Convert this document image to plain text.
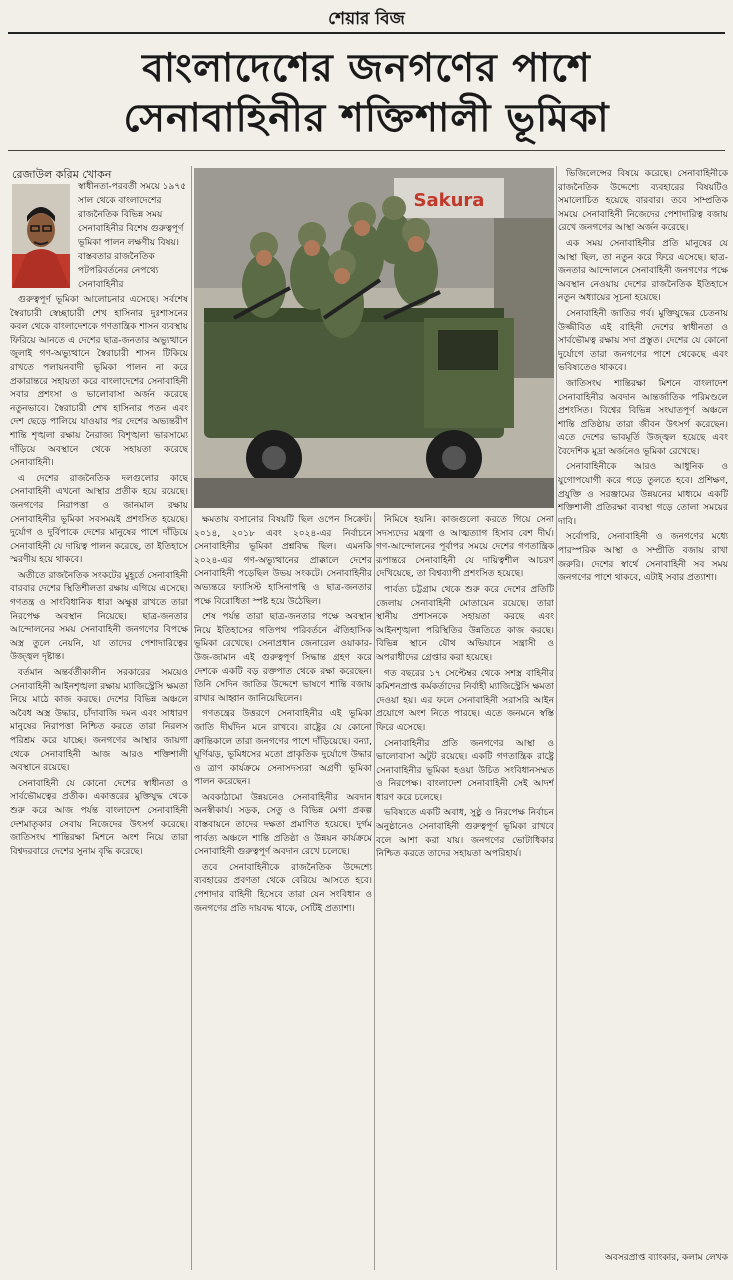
শেয়ার বিজ
বাংলাদেশের জনগণের পাশে
সেনাবাহিনীর শক্তিশালী ভূমিকা
রেজাউল করিম খোকন

স্বাধীনতা-পরবর্তী সময়ে ১৯৭৫ সাল থেকে বাংলাদেশের রাজনৈতিক বিভিন্ন সময় সেনাবাহিনীর বিশেষ গুরুত্বপূর্ণ ভূমিকা পালন লক্ষণীয় বিষয়। বাস্তবতার রাজনৈতিক পটপরিবর্তনের নেপথ্যে সেনাবাহিনীর

গুরুত্বপূর্ণ ভূমিকা আলোচনার এসেছে। সর্বশেষ স্বৈরাচারী স্বেচ্ছাচারী শেখ হাসিনার দুঃশাসনের কবল থেকে বাংলাদেশকে গণতান্ত্রিক শাসন ব্যবস্থায় ফিরিয়ে আনতে এ দেশের ছাত্র-জনতার অভ্যুত্থানে জুলাই গণ-অভ্যুত্থানে স্বৈরাচারী শাসন টিকিয়ে রাখতে পলায়নবাদী ভূমিকা পালন না করে প্রকারান্তরে সহায়তা করে বাংলাদেশের সেনাবাহিনী সবার প্রশংসা ও ভালোবাসা অর্জন করেছে নতুনভাবে। স্বৈরাচারী শেখ হাসিনার পতন এবং দেশ ছেড়ে পালিয়ে যাওয়ার পর দেশের অভ্যন্তরীণ শান্তি শৃঙ্খলা রক্ষায় নৈরাজ্য বিশৃঙ্খলা ভারসাম্যে দাঁড়িয়ে অবস্থানে থেকে সহায়তা করেছে সেনাবাহিনী।

এ দেশের রাজনৈতিক দলগুলোর কাছে সেনাবাহিনী এখনো আস্থার প্রতীক হয়ে রয়েছে। জনগণের নিরাপত্তা ও জানমাল রক্ষায় সেনাবাহিনীর ভূমিকা সবসময়ই প্রশংসিত হয়েছে। দুর্যোগ ও দুর্বিপাকে দেশের মানুষের পাশে দাঁড়িয়ে সেনাবাহিনী যে দায়িত্ব পালন করেছে, তা ইতিহাসে স্মরণীয় হয়ে থাকবে।

অতীতে রাজনৈতিক সংকটের মুহূর্তে সেনাবাহিনী বারবার দেশের স্থিতিশীলতা রক্ষায় এগিয়ে এসেছে। গণতন্ত্র ও সাংবিধানিক ধারা অক্ষুণ্ণ রাখতে তারা নিরপেক্ষ অবস্থান নিয়েছে। ছাত্র-জনতার আন্দোলনের সময় সেনাবাহিনী জনগণের বিপক্ষে অস্ত্র তুলে নেয়নি, যা তাদের পেশাদারিত্বের উজ্জ্বল দৃষ্টান্ত।

বর্তমান অন্তর্বর্তীকালীন সরকারের সময়েও সেনাবাহিনী আইনশৃঙ্খলা রক্ষায় ম্যাজিস্ট্রেসি ক্ষমতা নিয়ে মাঠে কাজ করছে। দেশের বিভিন্ন অঞ্চলে অবৈধ অস্ত্র উদ্ধার, চাঁদাবাজি দমন এবং সাধারণ মানুষের নিরাপত্তা নিশ্চিত করতে তারা নিরলস পরিশ্রম করে যাচ্ছে। জনগণের আস্থার জায়গা থেকে সেনাবাহিনী আজ আরও শক্তিশালী অবস্থানে রয়েছে।

সেনাবাহিনী যে কোনো দেশের স্বাধীনতা ও সার্বভৌমত্বের প্রতীক। একাত্তরের মুক্তিযুদ্ধ থেকে শুরু করে আজ পর্যন্ত বাংলাদেশ সেনাবাহিনী দেশমাতৃকার সেবায় নিজেদের উৎসর্গ করেছে। জাতিসংঘ শান্তিরক্ষা মিশনে অংশ নিয়ে তারা বিশ্বদরবারে দেশের সুনাম বৃদ্ধি করেছে।

Sakura

ক্ষমতায় বসানোর বিষয়টি ছিল ওপেন সিক্রেট। ২০১৪, ২০১৮ এবং ২০২৪-এর নির্বাচনে সেনাবাহিনীর ভূমিকা প্রশ্নবিদ্ধ ছিল। এমনকি ২০২৪-এর গণ-অভ্যুত্থানের প্রাক্কালে দেশের সেনাবাহিনী পড়েছিল উভয় সংকটে। সেনাবাহিনীর অভ্যন্তরে ফ্যাসিস্ট হাসিনাপন্থি ও ছাত্র-জনতার পক্ষে বিরোধিতা স্পষ্ট হয়ে উঠেছিল।

শেষ পর্যন্ত তারা ছাত্র-জনতার পক্ষে অবস্থান নিয়ে ইতিহাসের গতিপথ পরিবর্তনে ঐতিহাসিক ভূমিকা রেখেছে। সেনাপ্রধান জেনারেল ওয়াকার-উজ-জামান এই গুরুত্বপূর্ণ সিদ্ধান্ত গ্রহণ করে দেশকে একটি বড় রক্তপাত থেকে রক্ষা করেছেন। তিনি সেদিন জাতির উদ্দেশে ভাষণে শান্তি বজায় রাখার আহ্বান জানিয়েছিলেন।

গণতন্ত্রের উত্তরণে সেনাবাহিনীর এই ভূমিকা জাতি দীর্ঘদিন মনে রাখবে। রাষ্ট্রের যে কোনো ক্রান্তিকালে তারা জনগণের পাশে দাঁড়িয়েছে। বন্যা, ঘূর্ণিঝড়, ভূমিধসের মতো প্রাকৃতিক দুর্যোগে উদ্ধার ও ত্রাণ কার্যক্রমে সেনাসদস্যরা অগ্রণী ভূমিকা পালন করেছেন।

অবকাঠামো উন্নয়নেও সেনাবাহিনীর অবদান অনস্বীকার্য। সড়ক, সেতু ও বিভিন্ন মেগা প্রকল্প বাস্তবায়নে তাদের দক্ষতা প্রমাণিত হয়েছে। দুর্গম পার্বত্য অঞ্চলে শান্তি প্রতিষ্ঠা ও উন্নয়ন কার্যক্রমে সেনাবাহিনী গুরুত্বপূর্ণ অবদান রেখে চলেছে।

তবে সেনাবাহিনীকে রাজনৈতিক উদ্দেশ্যে ব্যবহারের প্রবণতা থেকে বেরিয়ে আসতে হবে। পেশাদার বাহিনী হিসেবে তারা যেন সংবিধান ও জনগণের প্রতি দায়বদ্ধ থাকে, সেটিই প্রত্যাশা।

নিমিষে হয়নি। কাজগুলো করতে গিয়ে সেনা সদস্যদের মন্ত্রণা ও আত্মত্যাগ হিসাব বেশ দীর্ঘ। গণ-আন্দোলনের পূর্বাপর সময়ে দেশের গণতান্ত্রিক রূপান্তরে সেনাবাহিনী যে দায়িত্বশীল আচরণ দেখিয়েছে, তা বিশ্বব্যাপী প্রশংসিত হয়েছে।

পার্বত্য চট্টগ্রাম থেকে শুরু করে দেশের প্রতিটি জেলায় সেনাবাহিনী মোতায়েন রয়েছে। তারা স্থানীয় প্রশাসনকে সহায়তা করছে এবং আইনশৃঙ্খলা পরিস্থিতির উন্নতিতে কাজ করছে। বিভিন্ন স্থানে যৌথ অভিযানে সন্ত্রাসী ও অপরাধীদের গ্রেপ্তার করা হয়েছে।

গত বছরের ১৭ সেপ্টেম্বর থেকে সশস্ত্র বাহিনীর কমিশনপ্রাপ্ত কর্মকর্তাদের নির্বাহী ম্যাজিস্ট্রেসি ক্ষমতা দেওয়া হয়। এর ফলে সেনাবাহিনী সরাসরি আইন প্রয়োগে অংশ নিতে পারছে। এতে জনমনে স্বস্তি ফিরে এসেছে।

সেনাবাহিনীর প্রতি জনগণের আস্থা ও ভালোবাসা অটুট রয়েছে। একটি গণতান্ত্রিক রাষ্ট্রে সেনাবাহিনীর ভূমিকা হওয়া উচিত সংবিধানসম্মত ও নিরপেক্ষ। বাংলাদেশ সেনাবাহিনী সেই আদর্শ ধারণ করে চলেছে।

ভবিষ্যতে একটি অবাধ, সুষ্ঠু ও নিরপেক্ষ নির্বাচন অনুষ্ঠানেও সেনাবাহিনী গুরুত্বপূর্ণ ভূমিকা রাখবে বলে আশা করা যায়। জনগণের ভোটাধিকার নিশ্চিত করতে তাদের সহায়তা অপরিহার্য।

ভিজিলেন্সের বিষয়ে করেছে। সেনাবাহিনীকে রাজনৈতিক উদ্দেশ্যে ব্যবহারের বিষয়টিও সমালোচিত হয়েছে বারবার। তবে সাম্প্রতিক সময়ে সেনাবাহিনী নিজেদের পেশাদারিত্ব বজায় রেখে জনগণের আস্থা অর্জন করেছে।

এক সময় সেনাবাহিনীর প্রতি মানুষের যে আস্থা ছিল, তা নতুন করে ফিরে এসেছে। ছাত্র-জনতার আন্দোলনে সেনাবাহিনী জনগণের পক্ষে অবস্থান নেওয়ায় দেশের রাজনৈতিক ইতিহাসে নতুন অধ্যায়ের সূচনা হয়েছে।

সেনাবাহিনী জাতির গর্ব। মুক্তিযুদ্ধের চেতনায় উজ্জীবিত এই বাহিনী দেশের স্বাধীনতা ও সার্বভৌমত্ব রক্ষায় সদা প্রস্তুত। দেশের যে কোনো দুর্যোগে তারা জনগণের পাশে থেকেছে এবং ভবিষ্যতেও থাকবে।

জাতিসংঘ শান্তিরক্ষা মিশনে বাংলাদেশ সেনাবাহিনীর অবদান আন্তর্জাতিক পরিমণ্ডলে প্রশংসিত। বিশ্বের বিভিন্ন সংঘাতপূর্ণ অঞ্চলে শান্তি প্রতিষ্ঠায় তারা জীবন উৎসর্গ করেছেন। এতে দেশের ভাবমূর্তি উজ্জ্বল হয়েছে এবং বৈদেশিক মুদ্রা অর্জনেও ভূমিকা রেখেছে।

সেনাবাহিনীকে আরও আধুনিক ও যুগোপযোগী করে গড়ে তুলতে হবে। প্রশিক্ষণ, প্রযুক্তি ও সরঞ্জামের উন্নয়নের মাধ্যমে একটি শক্তিশালী প্রতিরক্ষা ব্যবস্থা গড়ে তোলা সময়ের দাবি।

সর্বোপরি, সেনাবাহিনী ও জনগণের মধ্যে পারস্পরিক আস্থা ও সম্প্রীতি বজায় রাখা জরুরি। দেশের স্বার্থে সেনাবাহিনী সব সময় জনগণের পাশে থাকবে, এটাই সবার প্রত্যাশা।

অবসরপ্রাপ্ত ব্যাংকার, কলাম লেখক
